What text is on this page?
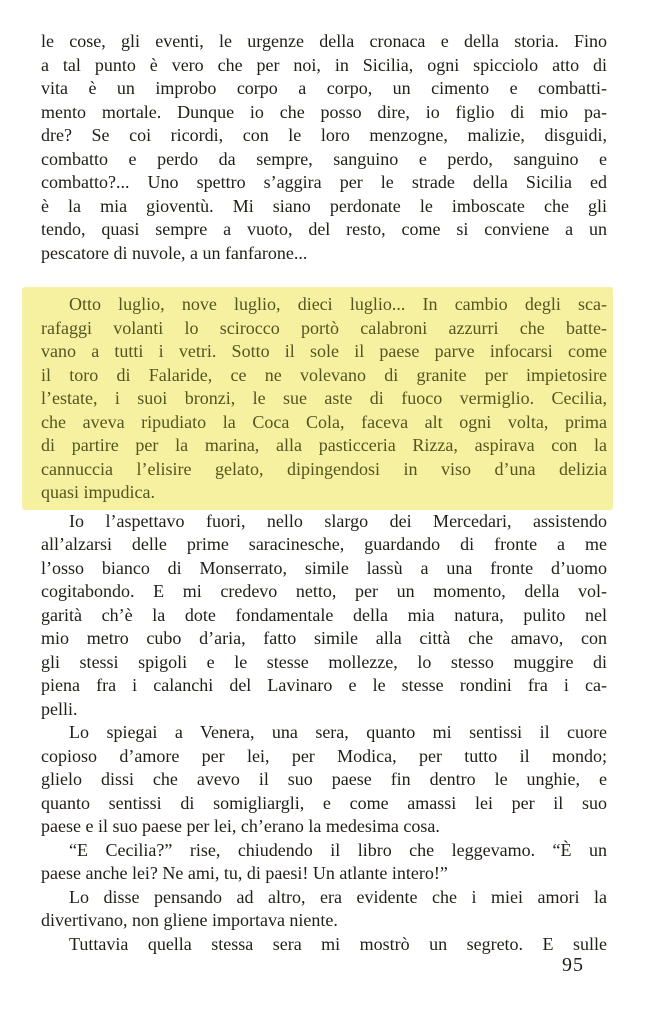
le cose, gli eventi, le urgenze della cronaca e della storia. Fino
a tal punto è vero che per noi, in Sicilia, ogni spicciolo atto di
vita è un improbo corpo a corpo, un cimento e combatti-
mento mortale. Dunque io che posso dire, io figlio di mio pa-
dre? Se coi ricordi, con le loro menzogne, malizie, disguidi,
combatto e perdo da sempre, sanguino e perdo, sanguino e
combatto?... Uno spettro s’aggira per le strade della Sicilia ed
è la mia gioventù. Mi siano perdonate le imboscate che gli
tendo, quasi sempre a vuoto, del resto, come si conviene a un
pescatore di nuvole, a un fanfarone...
Otto luglio, nove luglio, dieci luglio... In cambio degli sca-
rafaggi volanti lo scirocco portò calabroni azzurri che batte-
vano a tutti i vetri. Sotto il sole il paese parve infocarsi come
il toro di Falaride, ce ne volevano di granite per impietosire
l’estate, i suoi bronzi, le sue aste di fuoco vermiglio. Cecilia,
che aveva ripudiato la Coca Cola, faceva alt ogni volta, prima
di partire per la marina, alla pasticceria Rizza, aspirava con la
cannuccia l’elisire gelato, dipingendosi in viso d’una delizia
quasi impudica.
Io l’aspettavo fuori, nello slargo dei Mercedari, assistendo
all’alzarsi delle prime saracinesche, guardando di fronte a me
l’osso bianco di Monserrato, simile lassù a una fronte d’uomo
cogitabondo. E mi credevo netto, per un momento, della vol-
garità ch’è la dote fondamentale della mia natura, pulito nel
mio metro cubo d’aria, fatto simile alla città che amavo, con
gli stessi spigoli e le stesse mollezze, lo stesso muggire di
piena fra i calanchi del Lavinaro e le stesse rondini fra i ca-
pelli.
Lo spiegai a Venera, una sera, quanto mi sentissi il cuore
copioso d’amore per lei, per Modica, per tutto il mondo;
glielo dissi che avevo il suo paese fin dentro le unghie, e
quanto sentissi di somigliargli, e come amassi lei per il suo
paese e il suo paese per lei, ch’erano la medesima cosa.
“E Cecilia?” rise, chiudendo il libro che leggevamo. “È un
paese anche lei? Ne ami, tu, di paesi! Un atlante intero!”
Lo disse pensando ad altro, era evidente che i miei amori la
divertivano, non gliene importava niente.
Tuttavia quella stessa sera mi mostrò un segreto. E sulle
95
